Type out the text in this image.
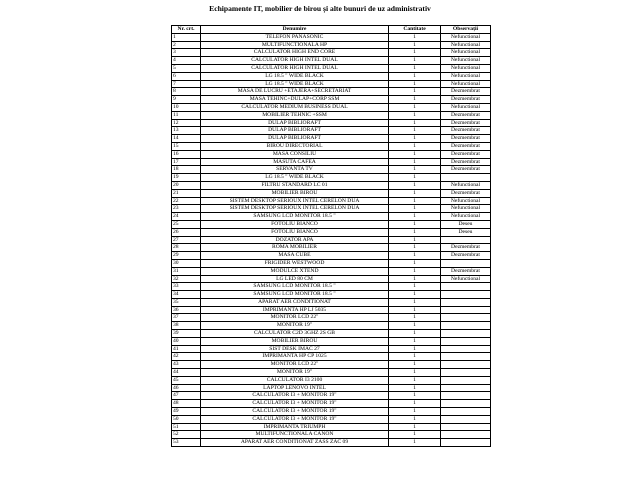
Echipamente IT, mobilier de birou și alte bunuri de uz administrativ
Nr. crt.	Denumire	Cantitate	Observații
1	TELEFON PANASONIC	1	Nefunctional
2	MULTIFUNCTIONALA HP	1	Nefunctional
3	CALCULATOR HIGH END CORE	1	Nefunctional
4	CALCULATOR HIGH INTEL DUAL	1	Nefunctional
5	CALCULATOR HIGH INTEL DUAL	1	Nefunctional
6	LG 18.5 " WIDE BLACK	1	Nefunctional
7	LG 18.5 " WIDE BLACK	1	Nefunctional
8	MASA DE LUCRU +ETAJERA+SECRETARIAT	1	Dezmembrat
9	MASA TEHINC+DULAP+CORP SSM	1	Dezmembrat
10	CALCULATOR MEDIUM BUSINESS DUAL	1	Nefunctional
11	MOBILIER TEHNIC +SSM	1	Dezmembrat
12	DULAP BIBLIORAFT	1	Dezmembrat
13	DULAP BIBLIORAFT	1	Dezmembrat
14	DULAP BIBLIORAFT	1	Dezmembrat
15	BIROU DIRECTORIAL	1	Dezmembrat
16	MASA CONSILIU	1	Dezmembrat
17	MASUTA CAFEA	1	Dezmembrat
18	SERVANTA TV	1	Dezmembrat
19	LG 18.5 " WIDE BLACK	1	
20	FILTRU STANDARD LC 01	1	Nefunctional
21	MOBILIER BIROU	1	Dezmembrat
22	SISTEM DESKTOP SERIOUX INTEL CERELON DUA	1	Nefunctional
23	SISTEM DESKTOP SERIOUX INTEL CERELON DUA	1	Nefunctional
24	SAMSUNG LCD MONITOR 18.5 "	1	Nefunctional
25	FOTOLIU BIANCO	1	Deseu
26	FOTOLIU BIANCO	1	Deseu
27	DOZATOR APA	1	
28	ROMA MOBILIER	1	Dezmembrat
29	MASA CUBE	1	Dezmembrat
30	FRIGIDER WESTWOOD	1	
31	MODULCE XTEND	1	Dezmembrat
32	LG LED 80 CM	1	Nefunctional
33	SAMSUNG LCD MONITOR 18.5 "	1	
34	SAMSUNG LCD MONITOR 18.5 "	1	
35	APARAT AER CONDITIONAT	1	
36	IMPRIMANTA HP LJ 5035	1	
37	MONITOR LCD 22"	1	
38	MONITOR 19"	1	
39	CALCULATOR C2D 3GHZ 2S GB	1	
40	MOBILIER BIROU	1	
41	SIST DESK IMAC 27	1	
42	IMPRIMANTA HP CP 1025	1	
43	MONITOR LCD 22"	1	
44	MONITOR 19"	1	
45	CALCULATOR I3 2100	1	
46	LAPTOP LENOVO INTEL	1	
47	CALCULATOR I3 + MONITOR 19"	1	
48	CALCULATOR I3 + MONITOR 19"	1	
49	CALCULATOR I3 + MONITOR 19"	1	
50	CALCULATOR I3 + MONITOR 19"	1	
51	IMPRIMANTA TRIUMPH	1	
52	MULTIFUNCTIONALA CANON	1	
53	APARAT AER CONDITIONAT ZASS ZAC 09	1	
